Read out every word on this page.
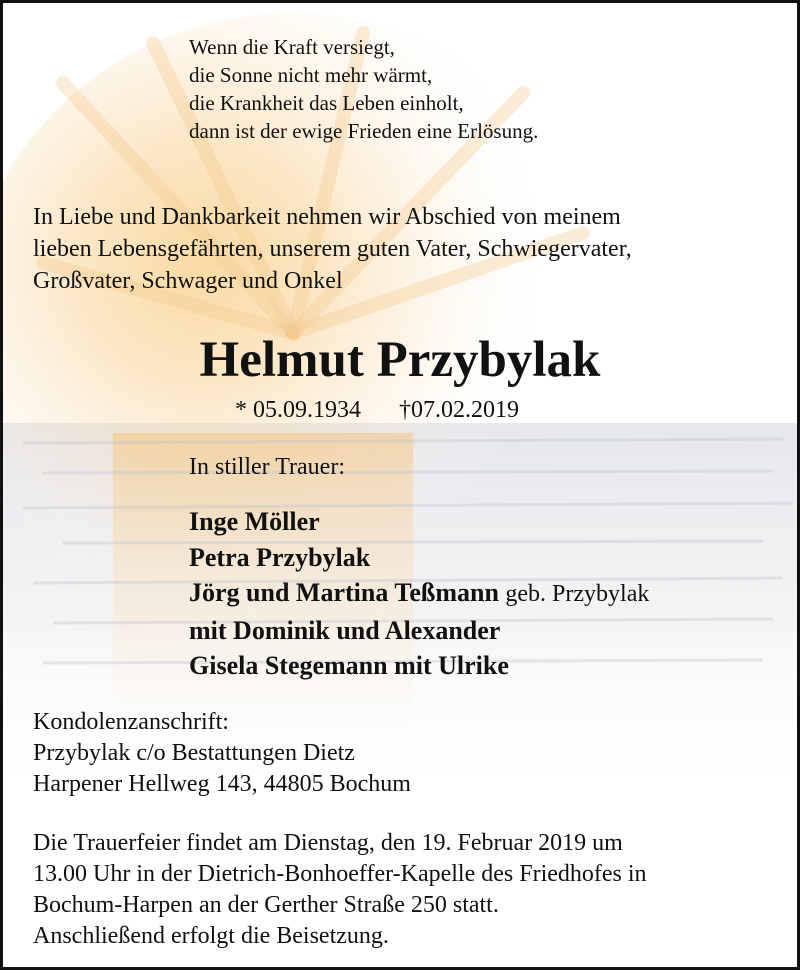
Wenn die Kraft versiegt,
die Sonne nicht mehr wärmt,
die Krankheit das Leben einholt,
dann ist der ewige Frieden eine Erlösung.
In Liebe und Dankbarkeit nehmen wir Abschied von meinem
lieben Lebensgefährten, unserem guten Vater, Schwiegervater,
Großvater, Schwager und Onkel
Helmut Przybylak
* 05.09.1934 †07.02.2019
In stiller Trauer:
Inge Möller
Petra Przybylak
Jörg und Martina Teßmann geb. Przybylak
mit Dominik und Alexander
Gisela Stegemann mit Ulrike
Kondolenzanschrift:
Przybylak c/o Bestattungen Dietz
Harpener Hellweg 143, 44805 Bochum
Die Trauerfeier findet am Dienstag, den 19. Februar 2019 um
13.00 Uhr in der Dietrich-Bonhoeffer-Kapelle des Friedhofes in
Bochum-Harpen an der Gerther Straße 250 statt.
Anschließend erfolgt die Beisetzung.
